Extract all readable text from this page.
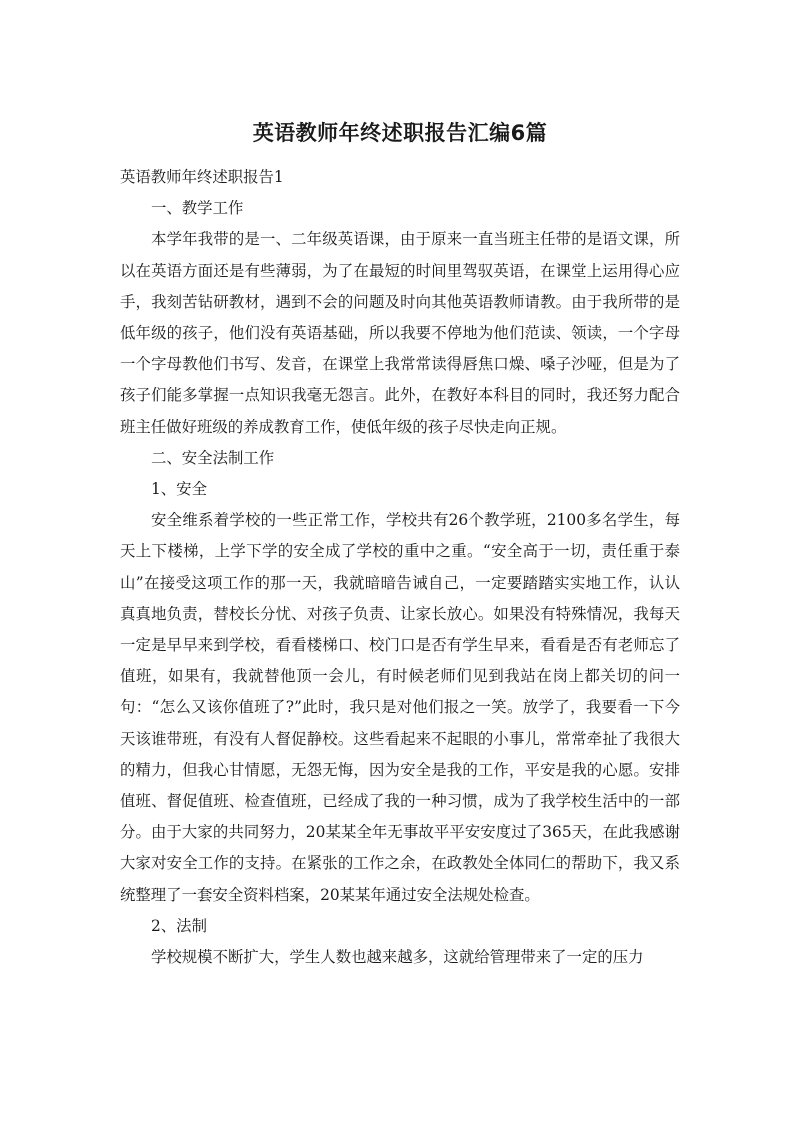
英语教师年终述职报告汇编6篇

英语教师年终述职报告1

一、教学工作

本学年我带的是一、二年级英语课，由于原来一直当班主任带的是语文课，所以在英语方面还是有些薄弱，为了在最短的时间里驾驭英语，在课堂上运用得心应手，我刻苦钻研教材，遇到不会的问题及时向其他英语教师请教。由于我所带的是低年级的孩子，他们没有英语基础，所以我要不停地为他们范读、领读，一个字母一个字母教他们书写、发音，在课堂上我常常读得唇焦口燥、嗓子沙哑，但是为了孩子们能多掌握一点知识我毫无怨言。此外，在教好本科目的同时，我还努力配合班主任做好班级的养成教育工作，使低年级的孩子尽快走向正规。

二、安全法制工作

1、安全

安全维系着学校的一些正常工作，学校共有26个教学班，2100多名学生，每天上下楼梯，上学下学的安全成了学校的重中之重。“安全高于一切，责任重于泰山”在接受这项工作的那一天，我就暗暗告诫自己，一定要踏踏实实地工作，认认真真地负责，替校长分忧、对孩子负责、让家长放心。如果没有特殊情况，我每天一定是早早来到学校，看看楼梯口、校门口是否有学生早来，看看是否有老师忘了值班，如果有，我就替他顶一会儿，有时候老师们见到我站在岗上都关切的问一句：“怎么又该你值班了?”此时，我只是对他们报之一笑。放学了，我要看一下今天该谁带班，有没有人督促静校。这些看起来不起眼的小事儿，常常牵扯了我很大的精力，但我心甘情愿，无怨无悔，因为安全是我的工作，平安是我的心愿。安排值班、督促值班、检查值班，已经成了我的一种习惯，成为了我学校生活中的一部分。由于大家的共同努力，20某某全年无事故平平安安度过了365天，在此我感谢大家对安全工作的支持。在紧张的工作之余，在政教处全体同仁的帮助下，我又系统整理了一套安全资料档案，20某某年通过安全法规处检查。

2、法制

学校规模不断扩大，学生人数也越来越多，这就给管理带来了一定的压力
